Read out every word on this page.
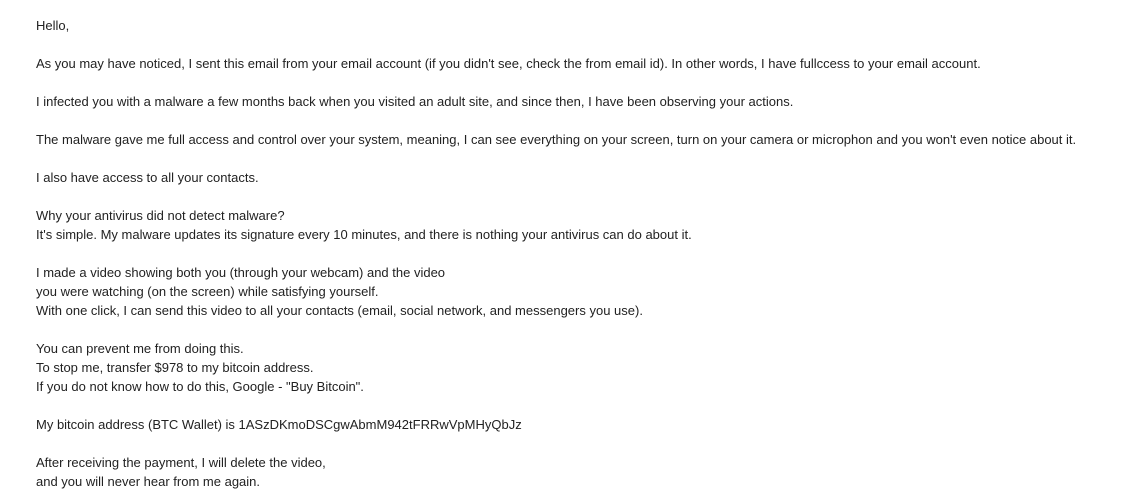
Hello,
As you may have noticed, I sent this email from your email account (if you didn't see, check the from email id). In other words, I have fullccess to your email account.
I infected you with a malware a few months back when you visited an adult site, and since then, I have been observing your actions.
The malware gave me full access and control over your system, meaning, I can see everything on your screen, turn on your camera or microphon and you won't even notice about it.
I also have access to all your contacts.
Why your antivirus did not detect malware?
It's simple. My malware updates its signature every 10 minutes, and there is nothing your antivirus can do about it.
I made a video showing both you (through your webcam) and the video
you were watching (on the screen) while satisfying yourself.
With one click, I can send this video to all your contacts (email, social network, and messengers you use).
You can prevent me from doing this.
To stop me, transfer $978 to my bitcoin address.
If you do not know how to do this, Google - "Buy Bitcoin".
My bitcoin address (BTC Wallet) is 1ASzDKmoDSCgwAbmM942tFRRwVpMHyQbJz
After receiving the payment, I will delete the video,
and you will never hear from me again.
